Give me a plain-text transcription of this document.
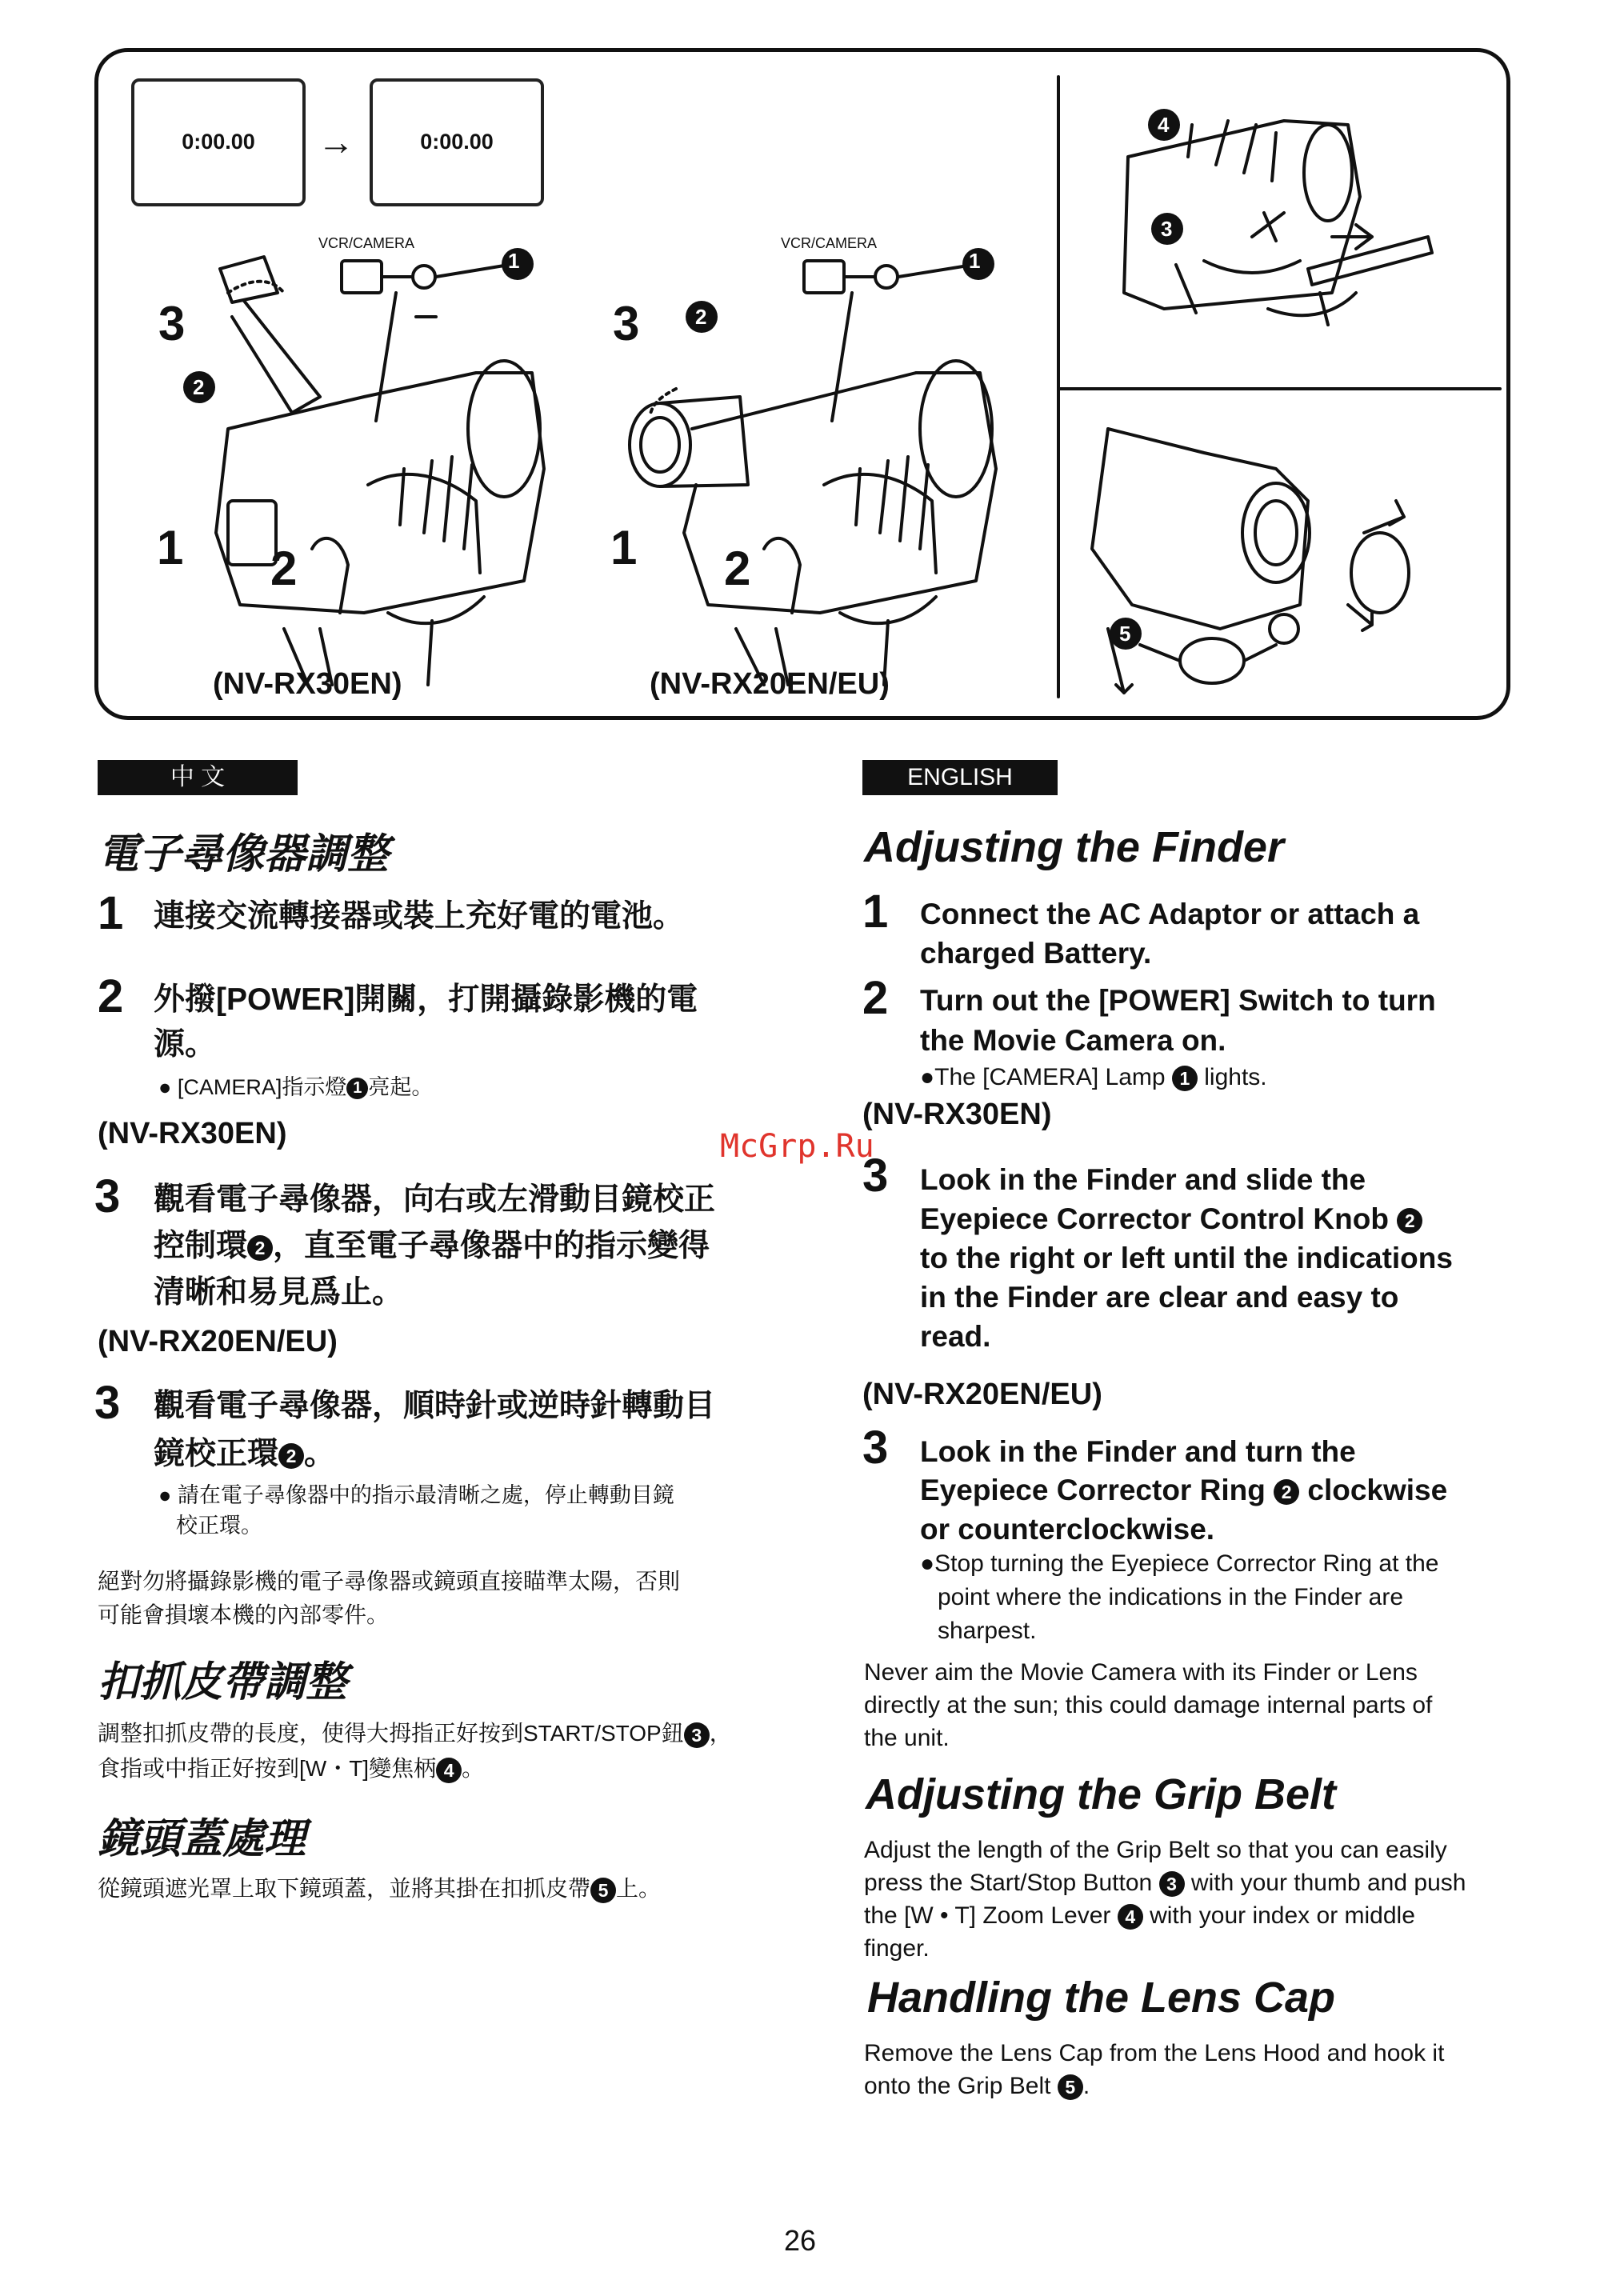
0:00.00	→	0:00.00
VCR/CAMERA	VCR/CAMERA
1	1
2
2
4
3
5
3
1 2
3
1 2
(NV-RX30EN)	(NV-RX20EN/EU)
McGrp.Ru
中 文
電子尋像器調整
1 連接交流轉接器或裝上充好電的電池。
2 外撥[POWER]開關，打開攝錄影機的電
源。
● [CAMERA]指示燈 1 亮起。
(NV-RX30EN)
3 觀看電子尋像器，向右或左滑動目鏡校正
控制環 2 ，直至電子尋像器中的指示變得
清晰和易見爲止。
(NV-RX20EN/EU)
3 觀看電子尋像器，順時針或逆時針轉動目
鏡校正環 2 。
● 請在電子尋像器中的指示最清晰之處，停止轉動目鏡
校正環。
絕對勿將攝錄影機的電子尋像器或鏡頭直接瞄準太陽，否則
可能會損壞本機的內部零件。
扣抓皮帶調整
調整扣抓皮帶的長度，使得大拇指正好按到START/STOP鈕 3 ，
食指或中指正好按到[W・T]變焦柄 4 。
鏡頭蓋處理
從鏡頭遮光罩上取下鏡頭蓋，並將其掛在扣抓皮帶 5 上。
ENGLISH
Adjusting the Finder
1 Connect the AC Adaptor or attach a
charged Battery.
2 Turn out the [POWER] Switch to turn
the Movie Camera on.
●The [CAMERA] Lamp 1 lights.
(NV-RX30EN)
3 Look in the Finder and slide the
Eyepiece Corrector Control Knob 2
to the right or left until the indications
in the Finder are clear and easy to
read.
(NV-RX20EN/EU)
3 Look in the Finder and turn the
Eyepiece Corrector Ring 2 clockwise
or counterclockwise.
●Stop turning the Eyepiece Corrector Ring at the
point where the indications in the Finder are
sharpest.
Never aim the Movie Camera with its Finder or Lens
directly at the sun; this could damage internal parts of
the unit.
Adjusting the Grip Belt
Adjust the length of the Grip Belt so that you can easily
press the Start/Stop Button 3 with your thumb and push
the [W • T] Zoom Lever 4 with your index or middle
finger.
Handling the Lens Cap
Remove the Lens Cap from the Lens Hood and hook it
onto the Grip Belt 5 .
26
